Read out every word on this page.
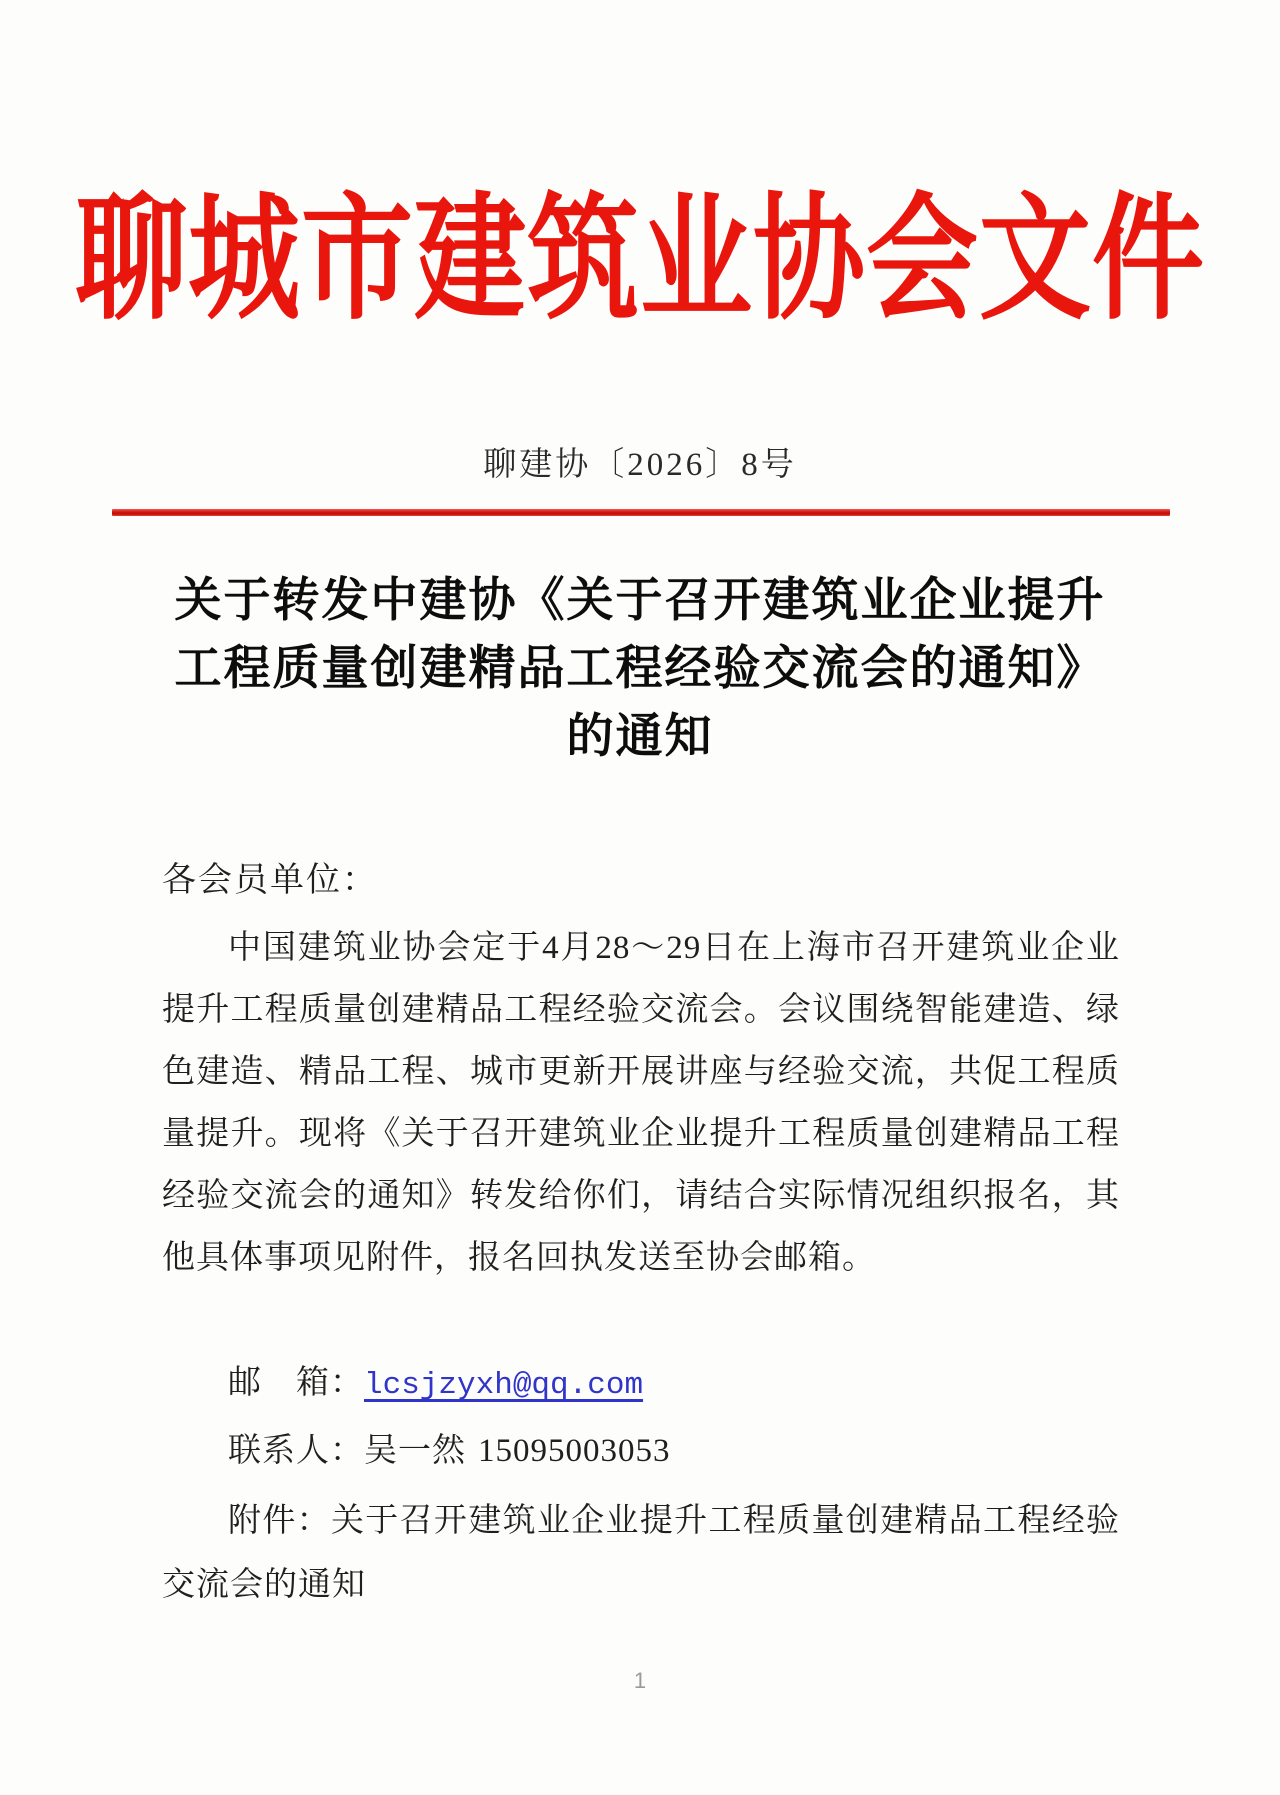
聊城市建筑业协会文件
聊建协〔2026〕8号
关于转发中建协《关于召开建筑业企业提升
工程质量创建精品工程经验交流会的通知》
的通知
各会员单位：

中国建筑业协会定于4月28～29日在上海市召开建筑业企业提升工程质量创建精品工程经验交流会。会议围绕智能建造、绿色建造、精品工程、城市更新开展讲座与经验交流，共促工程质量提升。现将《关于召开建筑业企业提升工程质量创建精品工程经验交流会的通知》转发给你们，请结合实际情况组织报名，其他具体事项见附件，报名回执发送至协会邮箱。

邮　箱：lcsjzyxh@qq.com

联系人：吴一然 15095003053

附件：关于召开建筑业企业提升工程质量创建精品工程经验交流会的通知

1
